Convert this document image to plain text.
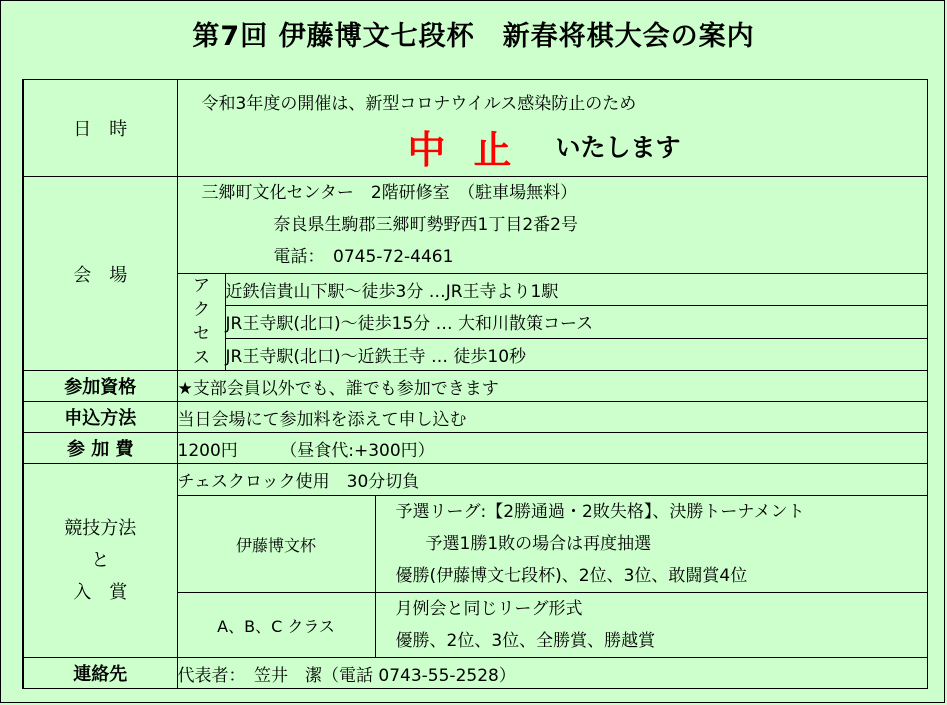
第7回 伊藤博文七段杯　新春将棋大会の案内
日　時	令和3年度の開催は、新型コロナウイルス感染防止のため
中止 いたします		

会　場	三郷町文化センター　2階研修室　（駐車場無料）
奈良県生駒郡三郷町勢野西1丁目2番2号
電話：　0745-72-4461		

	アクセス	近鉄信貴山下駅～徒歩3分 …JR王寺より1駅	
		JR王寺駅(北口)～徒歩15分 … 大和川散策コース	
		JR王寺駅(北口)～近鉄王寺 … 徒歩10秒	
参加資格	★支部会員以外でも、誰でも参加できます		
申込方法	当日会場にて参加料を添えて申し込む		
参 加 費	1200円　　　（昼食代:+300円）		

競技方法
と
入　賞	チェスクロック使用　30分切負		
	伊藤博文杯		予選リーグ:【2勝通過・2敗失格】、決勝トーナメント
予選1勝1敗の場合は再度抽選
優勝(伊藤博文七段杯)、2位、3位、敢闘賞4位

	A、B、C クラス		月例会と同じリーグ形式
優勝、2位、3位、全勝賞、勝越賞

連絡先	代表者：　笠井　潔（電話 0743-55-2528）		
